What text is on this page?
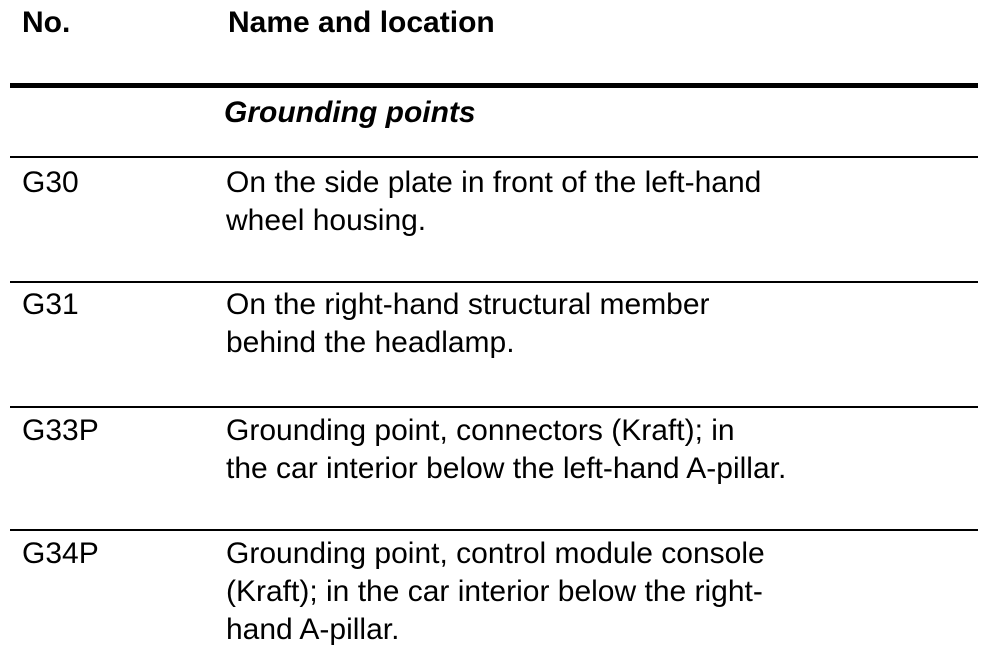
No.	Name and location
Grounding points
G30	On the side plate in front of the left-hand
wheel housing.
G31	On the right-hand structural member
behind the headlamp.
G33P	Grounding point, connectors (Kraft); in
the car interior below the left-hand A-pillar.
G34P	Grounding point, control module console
(Kraft); in the car interior below the right-
hand A-pillar.
